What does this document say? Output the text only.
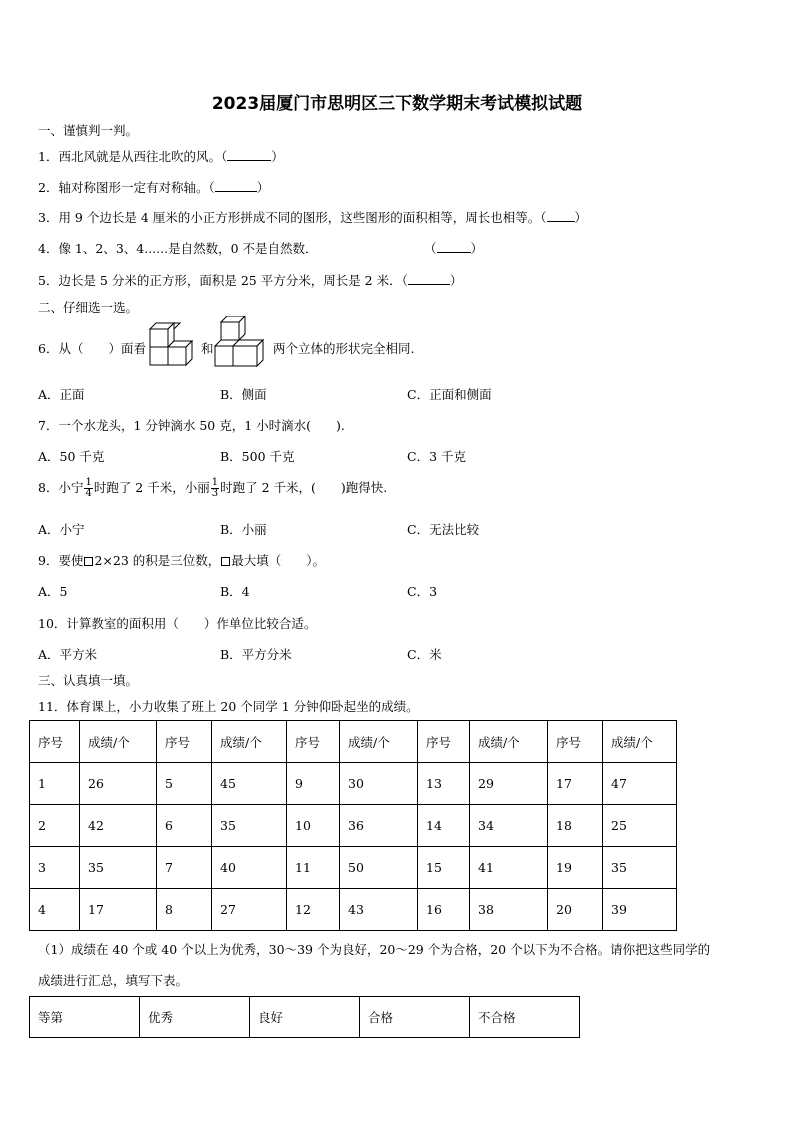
2023届厦门市思明区三下数学期末考试模拟试题
一、谨慎判一判。
1．西北风就是从西往北吹的风。（	）
2．轴对称图形一定有对称轴。（	）
3．用 9 个边长是 4 厘米的小正方形拼成不同的图形，这些图形的面积相等，周长也相等。（ ）
4．像 1、2、3、4......是自然数，0 不是自然数．	（	）
5．边长是 5 分米的正方形，面积是 25 平方分米，周长是 2 米．（	）
二、仔细选一选。
6．从（　　）面看	和	两个立体的形状完全相同.
A．正面	B．侧面	C．正面和侧面
7．一个水龙头，1 分钟滴水 50 克，1 小时滴水(　　).
A．50 千克	B．500 千克	C．3 千克
8．小宁 $\frac{1}{4}$ 时跑了 2 千米，小丽 $\frac{1}{3}$ 时跑了 2 千米，(　　)跑得快.
A．小宁	B．小丽	C．无法比较
9．要使 2×23 的积是三位数， 最大填（　　）。
A．5	B．4	C．3
10．计算教室的面积用（　　）作单位比较合适。
A．平方米	B．平方分米	C．米
三、认真填一填。
11．体育课上，小力收集了班上 20 个同学 1 分钟仰卧起坐的成绩。
序号	成绩/个	序号	成绩/个	序号	成绩/个	序号	成绩/个	序号	成绩/个
1	26	5	45	9	30	13	29	17	47
2	42	6	35	10	36	14	34	18	25
3	35	7	40	11	50	15	41	19	35
4	17	8	27	12	43	16	38	20	39
（1）成绩在 40 个或 40 个以上为优秀，30～39 个为良好，20～29 个为合格，20 个以下为不合格。请你把这些同学的
成绩进行汇总，填写下表。
等第	优秀	良好	合格	不合格
